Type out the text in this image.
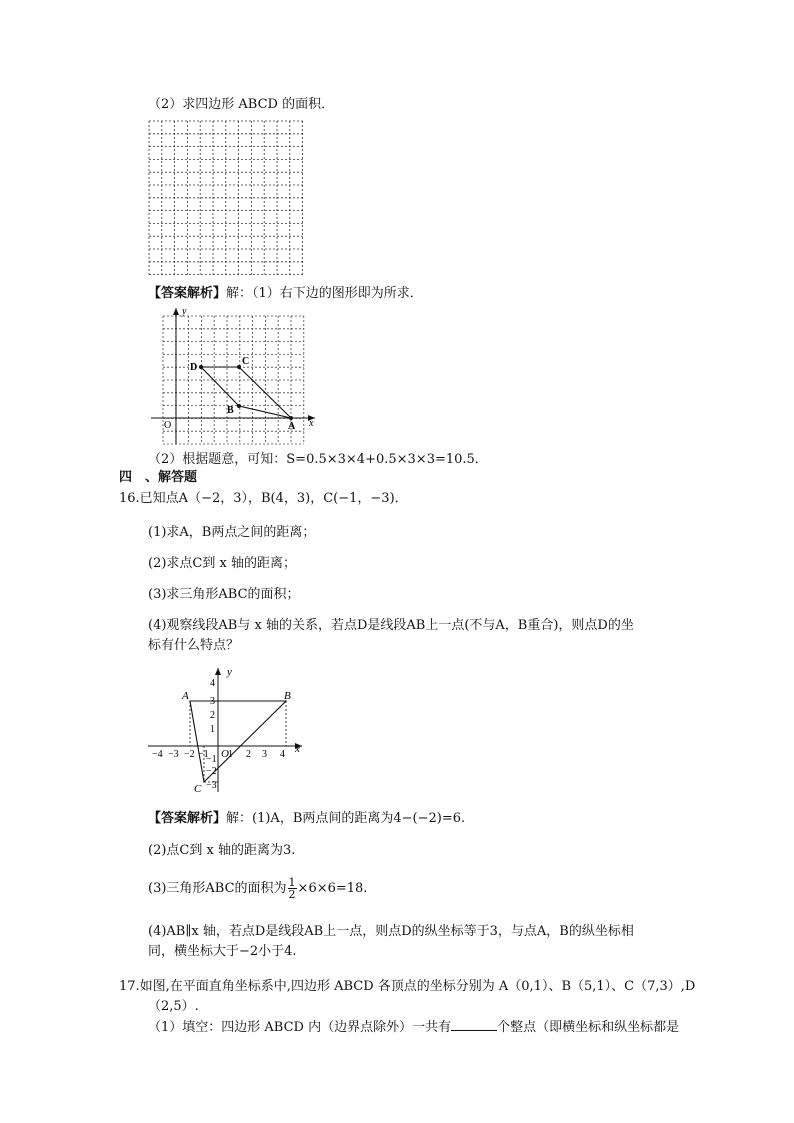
（2）求四边形 ABCD 的面积．
【答案解析】解：（1）右下边的图形即为所求．
y
x
O	A
B
C
D
（2）根据题意，可知：S=0.5×3×4+0.5×3×3=10.5．
四　、解答题
16.已知点A（−2，3），B(4，3)，C(−1，−3)．
(1)求A，B两点之间的距离；
(2)求点C到 x 轴的距离；
(3)求三角形ABC的面积；
(4)观察线段AB与 x 轴的关系，若点D是线段AB上一点(不与A，B重合)，则点D的坐
标有什么特点？
y
x
O
A	B
C
−4 −3 −2 −1 1 2 3 4
4
3
2
1
−1
−2
−3
【答案解析】解：(1)A，B两点间的距离为4−(−2)=6.
(2)点C到 x 轴的距离为3.
(3)三角形ABC的面积为 $\frac{1}{2} \times 6\times 6=18$.
(4)AB∥x 轴，若点D是线段AB上一点，则点D的纵坐标等于3，与点A，B的纵坐标相
同，横坐标大于−2小于4.
17.如图,在平面直角坐标系中,四边形 ABCD 各顶点的坐标分别为 A（0,1）、B（5,1）、C（7,3）,D
（2,5）.
（1）填空：四边形 ABCD 内（边界点除外）一共有	个整点（即横坐标和纵坐标都是
